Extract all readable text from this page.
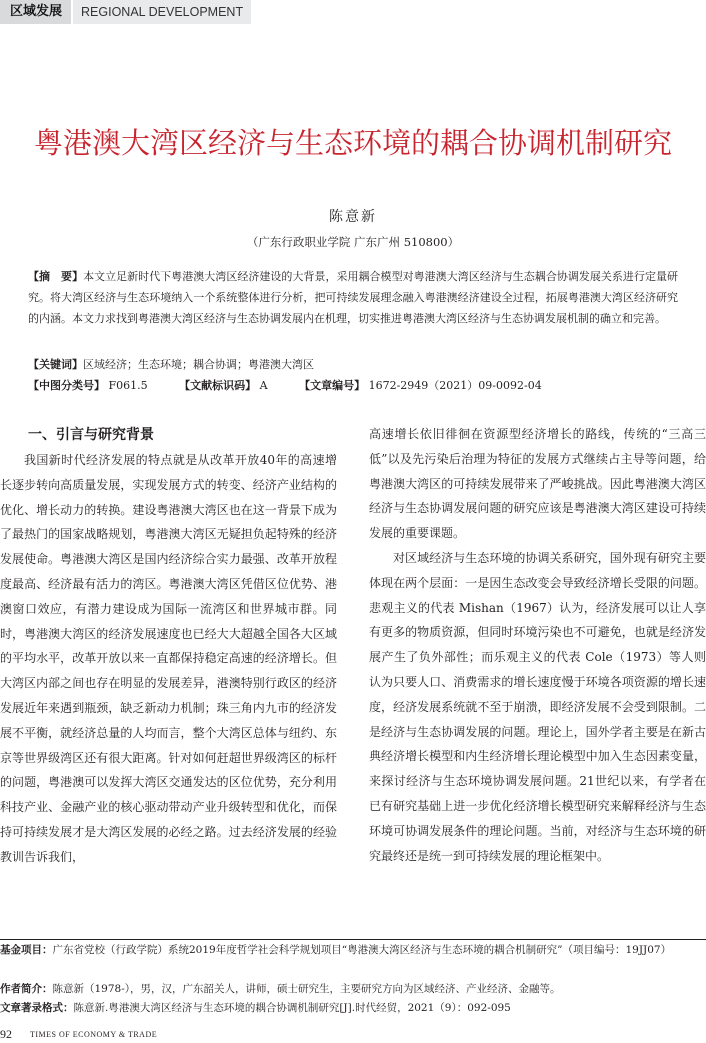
区域发展	REGIONAL DEVELOPMENT
粤港澳大湾区经济与生态环境的耦合协调机制研究
陈意新
（广东行政职业学院 广东广州 510800）
【摘　要】本文立足新时代下粤港澳大湾区经济建设的大背景，采用耦合模型对粤港澳大湾区经济与生态耦合协调发展关系进行定量研究。将大湾区经济与生态环境纳入一个系统整体进行分析，把可持续发展理念融入粤港澳经济建设全过程，拓展粤港澳大湾区经济研究的内涵。本文力求找到粤港澳大湾区经济与生态协调发展内在机理，切实推进粤港澳大湾区经济与生态协调发展机制的确立和完善。
【关键词】区域经济；生态环境；耦合协调；粤港澳大湾区
【中图分类号】 F061.5	【文献标识码】 A	【文章编号】 1672-2949（2021）09-0092-04
一、引言与研究背景

我国新时代经济发展的特点就是从改革开放40年的高速增长逐步转向高质量发展，实现发展方式的转变、经济产业结构的优化、增长动力的转换。建设粤港澳大湾区也在这一背景下成为了最热门的国家战略规划，粤港澳大湾区无疑担负起特殊的经济发展使命。粤港澳大湾区是国内经济综合实力最强、改革开放程度最高、经济最有活力的湾区。粤港澳大湾区凭借区位优势、港澳窗口效应，有潜力建设成为国际一流湾区和世界城市群。同时，粤港澳大湾区的经济发展速度也已经大大超越全国各大区域的平均水平，改革开放以来一直都保持稳定高速的经济增长。但大湾区内部之间也存在明显的发展差异，港澳特别行政区的经济发展近年来遇到瓶颈，缺乏新动力机制；珠三角内九市的经济发展不平衡，就经济总量的人均而言，整个大湾区总体与纽约、东京等世界级湾区还有很大距离。针对如何赶超世界级湾区的标杆的问题，粤港澳可以发挥大湾区交通发达的区位优势，充分利用科技产业、金融产业的核心驱动带动产业升级转型和优化，而保持可持续发展才是大湾区发展的必经之路。过去经济发展的经验教训告诉我们，

高速增长依旧徘徊在资源型经济增长的路线，传统的“三高三低”以及先污染后治理为特征的发展方式继续占主导等问题，给粤港澳大湾区的可持续发展带来了严峻挑战。因此粤港澳大湾区经济与生态协调发展问题的研究应该是粤港澳大湾区建设可持续发展的重要课题。

对区域经济与生态环境的协调关系研究，国外现有研究主要体现在两个层面：一是因生态改变会导致经济增长受限的问题。悲观主义的代表 Mishan（1967）认为，经济发展可以让人享有更多的物质资源，但同时环境污染也不可避免，也就是经济发展产生了负外部性；而乐观主义的代表 Cole（1973）等人则认为只要人口、消费需求的增长速度慢于环境各项资源的增长速度，经济发展系统就不至于崩溃，即经济发展不会受到限制。二是经济与生态协调发展的问题。理论上，国外学者主要是在新古典经济增长模型和内生经济增长理论模型中加入生态因素变量，来探讨经济与生态环境协调发展问题。21世纪以来，有学者在已有研究基础上进一步优化经济增长模型研究来解释经济与生态环境可协调发展条件的理论问题。当前，对经济与生态环境的研究最终还是统一到可持续发展的理论框架中。

基金项目：广东省党校（行政学院）系统2019年度哲学社会科学规划项目“粤港澳大湾区经济与生态环境的耦合机制研究”（项目编号：19JJ07）
作者简介：陈意新（1978-），男，汉，广东韶关人，讲师，硕士研究生，主要研究方向为区域经济、产业经济、金融等。
文章著录格式：陈意新.粤港澳大湾区经济与生态环境的耦合协调机制研究[J].时代经贸，2021（9）：092-095
92 TIMES OF ECONOMY & TRADE
